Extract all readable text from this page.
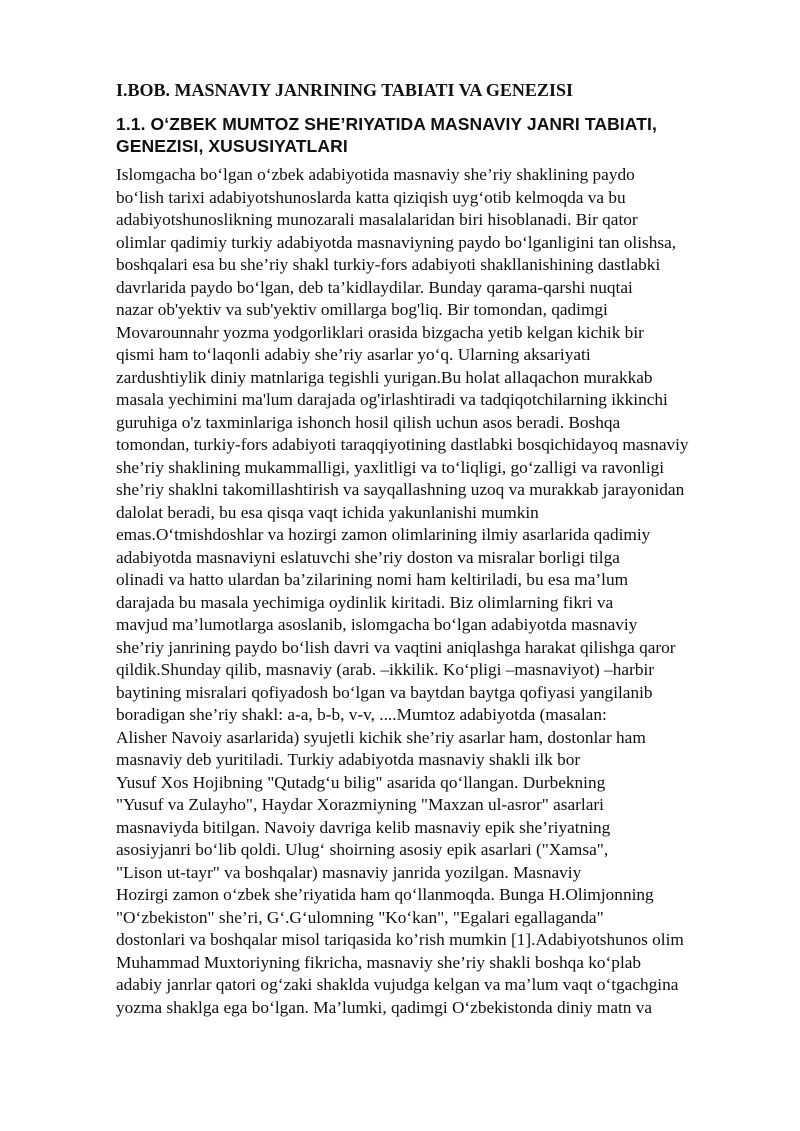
I.BOB. MASNAVIY JANRINING TABIATI VA GENEZISI
1.1. O‘ZBEK MUMTOZ SHE’RIYATIDA MASNAVIY JANRI TABIATI,
GENEZISI, XUSUSIYATLARI
Islomgacha bo‘lgan o‘zbek adabiyotida masnaviy she’riy shaklining paydo
bo‘lish tarixi adabiyotshunoslarda katta qiziqish uyg‘otib kelmoqda va bu
adabiyotshunoslikning munozarali masalalaridan biri hisoblanadi. Bir qator
olimlar qadimiy turkiy adabiyotda masnaviyning paydo bo‘lganligini tan olishsa,
boshqalari esa bu she’riy shakl turkiy-fors adabiyoti shakllanishining dastlabki
davrlarida paydo bo‘lgan, deb ta’kidlaydilar. Bunday qarama-qarshi nuqtai
nazar ob'yektiv va sub'yektiv omillarga bog'liq. Bir tomondan, qadimgi
Movarounnahr yozma yodgorliklari orasida bizgacha yetib kelgan kichik bir
qismi ham to‘laqonli adabiy she’riy asarlar yo‘q. Ularning aksariyati
zardushtiylik diniy matnlariga tegishli yurigan.Bu holat allaqachon murakkab
masala yechimini ma'lum darajada og'irlashtiradi va tadqiqotchilarning ikkinchi
guruhiga o'z taxminlariga ishonch hosil qilish uchun asos beradi. Boshqa
tomondan, turkiy-fors adabiyoti taraqqiyotining dastlabki bosqichidayoq masnaviy
she’riy shaklining mukammalligi, yaxlitligi va to‘liqligi, go‘zalligi va ravonligi
she’riy shaklni takomillashtirish va sayqallashning uzoq va murakkab jarayonidan
dalolat beradi, bu esa qisqa vaqt ichida yakunlanishi mumkin
emas.O‘tmishdoshlar va hozirgi zamon olimlarining ilmiy asarlarida qadimiy
adabiyotda masnaviyni eslatuvchi she’riy doston va misralar borligi tilga
olinadi va hatto ulardan ba’zilarining nomi ham keltiriladi, bu esa ma’lum
darajada bu masala yechimiga oydinlik kiritadi. Biz olimlarning fikri va
mavjud ma’lumotlarga asoslanib, islomgacha bo‘lgan adabiyotda masnaviy
she’riy janrining paydo bo‘lish davri va vaqtini aniqlashga harakat qilishga qaror
qildik.Shunday qilib, masnaviy (arab. –ikkilik. Ko‘pligi –masnaviyot) –harbir
baytining misralari qofiyadosh bo‘lgan va baytdan baytga qofiyasi yangilanib
boradigan she’riy shakl: a-a, b-b, v-v, ....Mumtoz adabiyotda (masalan:
Alisher Navoiy asarlarida) syujetli kichik she’riy asarlar ham, dostonlar ham
masnaviy deb yuritiladi. Turkiy adabiyotda masnaviy shakli ilk bor
Yusuf Xos Hojibning "Qutadg‘u bilig" asarida qo‘llangan. Durbekning
"Yusuf va Zulayho", Haydar Xorazmiyning "Maxzan ul-asror" asarlari
masnaviyda bitilgan. Navoiy davriga kelib masnaviy epik she’riyatning
asosiyjanri bo‘lib qoldi. Ulug‘ shoirning asosiy epik asarlari ("Xamsa",
"Lison ut-tayr" va boshqalar) masnaviy janrida yozilgan. Masnaviy
Hozirgi zamon o‘zbek she’riyatida ham qo‘llanmoqda. Bunga H.Olimjonning
"O‘zbekiston" she’ri, G‘.G‘ulomning "Ko‘kan", "Egalari egallaganda"
dostonlari va boshqalar misol tariqasida ko’rish mumkin [1].Adabiyotshunos olim
Muhammad Muxtoriyning fikricha, masnaviy she’riy shakli boshqa ko‘plab
adabiy janrlar qatori og‘zaki shaklda vujudga kelgan va ma’lum vaqt o‘tgachgina
yozma shaklga ega bo‘lgan. Ma’lumki, qadimgi O‘zbekistonda diniy matn va
